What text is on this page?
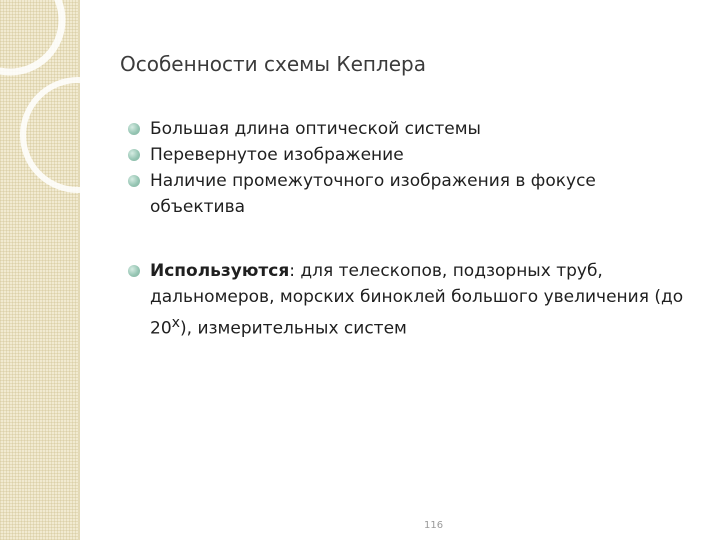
Особенности схемы Кеплера
Большая длина оптической системы
Перевернутое изображение
Наличие промежуточного изображения в фокусе объектива
Используются: для телескопов, подзорных труб, дальномеров, морских биноклей большого увеличения (до 20$^x$), измерительных систем
116
